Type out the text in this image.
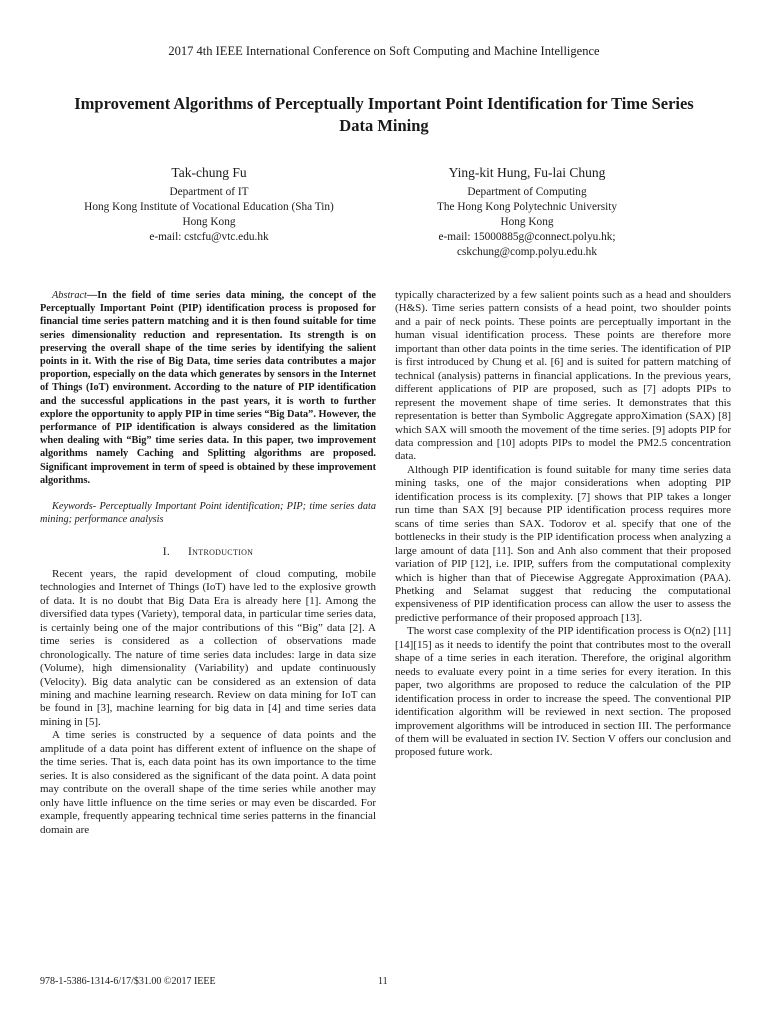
2017 4th IEEE International Conference on Soft Computing and Machine Intelligence
Improvement Algorithms of Perceptually Important Point Identification for Time Series Data Mining
Tak-chung Fu
Department of IT
Hong Kong Institute of Vocational Education (Sha Tin)
Hong Kong
e-mail: cstcfu@vtc.edu.hk
Ying-kit Hung, Fu-lai Chung
Department of Computing
The Hong Kong Polytechnic University
Hong Kong
e-mail: 15000885g@connect.polyu.hk;
cskchung@comp.polyu.edu.hk

Abstract—In the field of time series data mining, the concept of the Perceptually Important Point (PIP) identification process is proposed for financial time series pattern matching and it is then found suitable for time series dimensionality reduction and representation. Its strength is on preserving the overall shape of the time series by identifying the salient points in it. With the rise of Big Data, time series data contributes a major proportion, especially on the data which generates by sensors in the Internet of Things (IoT) environment. According to the nature of PIP identification and the successful applications in the past years, it is worth to further explore the opportunity to apply PIP in time series “Big Data”. However, the performance of PIP identification is always considered as the limitation when dealing with “Big” time series data. In this paper, two improvement algorithms namely Caching and Splitting algorithms are proposed. Significant improvement in term of speed is obtained by these improvement algorithms.

Keywords- Perceptually Important Point identification; PIP; time series data mining; performance analysis

I. Introduction

Recent years, the rapid development of cloud computing, mobile technologies and Internet of Things (IoT) have led to the explosive growth of data. It is no doubt that Big Data Era is already here [1]. Among the diversified data types (Variety), temporal data, in particular time series data, is certainly being one of the major contributions of this “Big” data [2]. A time series is considered as a collection of observations made chronologically. The nature of time series data includes: large in data size (Volume), high dimensionality (Variability) and update continuously (Velocity). Big data analytic can be considered as an extension of data mining and machine learning research. Review on data mining for IoT can be found in [3], machine learning for big data in [4] and time series data mining in [5].

A time series is constructed by a sequence of data points and the amplitude of a data point has different extent of influence on the shape of the time series. That is, each data point has its own importance to the time series. It is also considered as the significant of the data point. A data point may contribute on the overall shape of the time series while another may only have little influence on the time series or may even be discarded. For example, frequently appearing technical time series patterns in the financial domain are

typically characterized by a few salient points such as a head and shoulders (H&S). Time series pattern consists of a head point, two shoulder points and a pair of neck points. These points are perceptually important in the human visual identification process. These points are therefore more important than other data points in the time series. The identification of PIP is first introduced by Chung et al. [6] and is suited for pattern matching of technical (analysis) patterns in financial applications. In the previous years, different applications of PIP are proposed, such as [7] adopts PIPs to represent the movement shape of time series. It demonstrates that this representation is better than Symbolic Aggregate approXimation (SAX) [8] which SAX will smooth the movement of the time series. [9] adopts PIP for data compression and [10] adopts PIPs to model the PM2.5 concentration data.

Although PIP identification is found suitable for many time series data mining tasks, one of the major considerations when adopting PIP identification process is its complexity. [7] shows that PIP takes a longer run time than SAX [9] because PIP identification process requires more scans of time series than SAX. Todorov et al. specify that one of the bottlenecks in their study is the PIP identification process when analyzing a large amount of data [11]. Son and Anh also comment that their proposed variation of PIP [12], i.e. IPIP, suffers from the computational complexity which is higher than that of Piecewise Aggregate Approximation (PAA). Phetking and Selamat suggest that reducing the computational expensiveness of PIP identification process can allow the user to assess the predictive performance of their proposed approach [13].

The worst case complexity of the PIP identification process is O(n2) [11][14][15] as it needs to identify the point that contributes most to the overall shape of a time series in each iteration. Therefore, the original algorithm needs to evaluate every point in a time series for every iteration. In this paper, two algorithms are proposed to reduce the calculation of the PIP identification process in order to increase the speed. The conventional PIP identification algorithm will be reviewed in next section. The proposed improvement algorithms will be introduced in section III. The performance of them will be evaluated in section IV. Section V offers our conclusion and proposed future work.

978-1-5386-1314-6/17/$31.00 ©2017 IEEE	11
